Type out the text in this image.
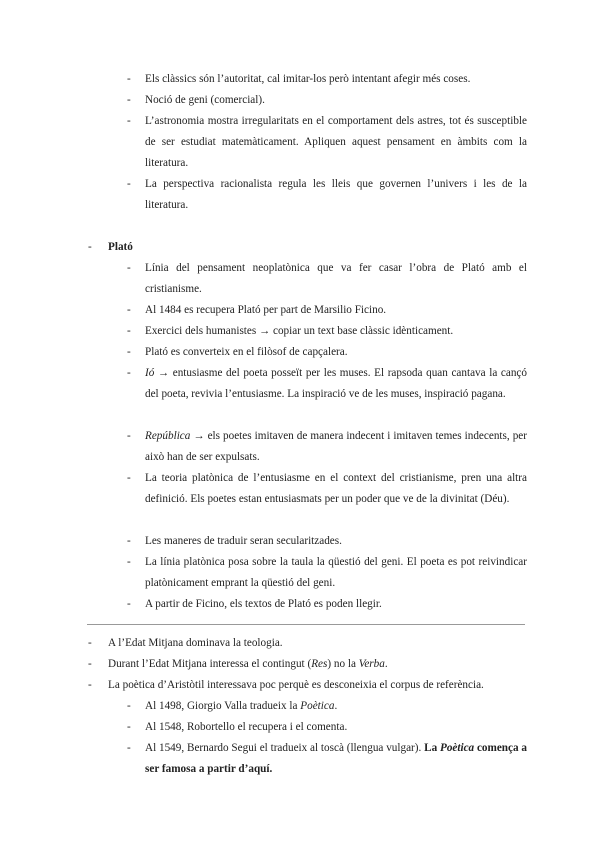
- Els clàssics són l’autoritat, cal imitar-los però intentant afegir més coses.
- Noció de geni (comercial).
- L’astronomia mostra irregularitats en el comportament dels astres, tot és susceptible de ser estudiat matemàticament. Apliquen aquest pensament en àmbits com la literatura.
- La perspectiva racionalista regula les lleis que governen l’univers i les de la literatura.
- Plató
- Línia del pensament neoplatònica que va fer casar l’obra de Plató amb el cristianisme.
- Al 1484 es recupera Plató per part de Marsilio Ficino.
- Exercici dels humanistes → copiar un text base clàssic idènticament.
- Plató es converteix en el filòsof de capçalera.
- Ió → entusiasme del poeta posseït per les muses. El rapsoda quan cantava la cançó del poeta, revivia l’entusiasme. La inspiració ve de les muses, inspiració pagana.
- República → els poetes imitaven de manera indecent i imitaven temes indecents, per això han de ser expulsats.
- La teoria platònica de l’entusiasme en el context del cristianisme, pren una altra definició. Els poetes estan entusiasmats per un poder que ve de la divinitat (Déu).
- Les maneres de traduir seran secularitzades.
- La línia platònica posa sobre la taula la qüestió del geni. El poeta es pot reivindicar platònicament emprant la qüestió del geni.
- A partir de Ficino, els textos de Plató es poden llegir.
- A l’Edat Mitjana dominava la teologia.
- Durant l’Edat Mitjana interessa el contingut (Res) no la Verba.
- La poètica d’Aristòtil interessava poc perquè es desconeixia el corpus de referència.
- Al 1498, Giorgio Valla tradueix la Poètica.
- Al 1548, Robortello el recupera i el comenta.
- Al 1549, Bernardo Segui el tradueix al toscà (llengua vulgar). La Poètica comença a ser famosa a partir d’aquí.
